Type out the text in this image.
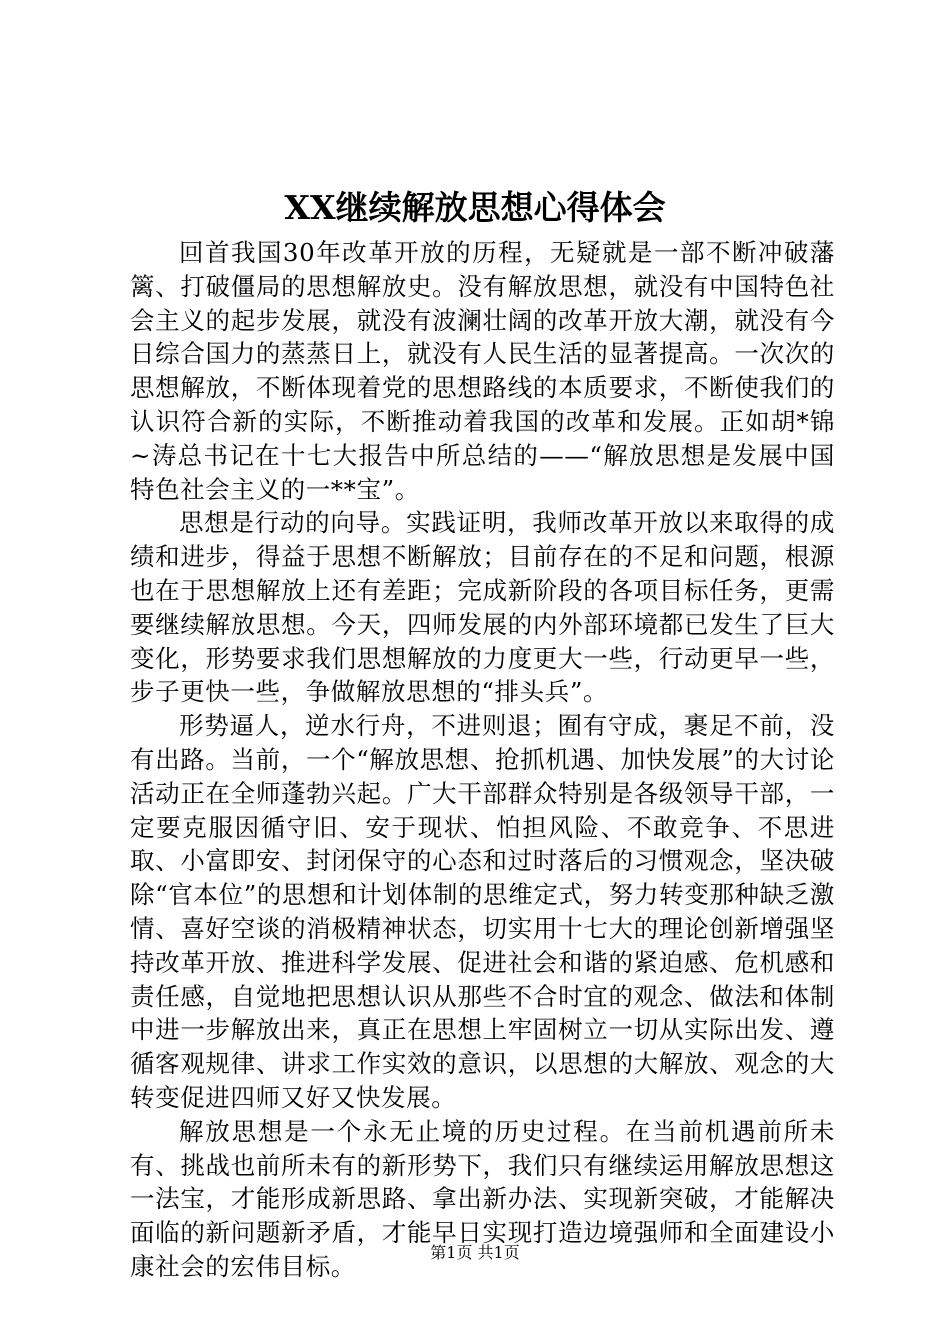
XX继续解放思想心得体会

回首我国30年改革开放的历程，无疑就是一部不断冲破藩篱、打破僵局的思想解放史。没有解放思想，就没有中国特色社会主义的起步发展，就没有波澜壮阔的改革开放大潮，就没有今日综合国力的蒸蒸日上，就没有人民生活的显著提高。一次次的思想解放，不断体现着党的思想路线的本质要求，不断使我们的认识符合新的实际，不断推动着我国的改革和发展。正如胡*锦~涛总书记在十七大报告中所总结的——“解放思想是发展中国特色社会主义的一**宝”。

思想是行动的向导。实践证明，我师改革开放以来取得的成绩和进步，得益于思想不断解放；目前存在的不足和问题，根源也在于思想解放上还有差距；完成新阶段的各项目标任务，更需要继续解放思想。今天，四师发展的内外部环境都已发生了巨大变化，形势要求我们思想解放的力度更大一些，行动更早一些，步子更快一些，争做解放思想的“排头兵”。

形势逼人，逆水行舟，不进则退；囿有守成，裹足不前，没有出路。当前，一个“解放思想、抢抓机遇、加快发展”的大讨论活动正在全师蓬勃兴起。广大干部群众特别是各级领导干部，一定要克服因循守旧、安于现状、怕担风险、不敢竞争、不思进取、小富即安、封闭保守的心态和过时落后的习惯观念，坚决破除“官本位”的思想和计划体制的思维定式，努力转变那种缺乏激情、喜好空谈的消极精神状态，切实用十七大的理论创新增强坚持改革开放、推进科学发展、促进社会和谐的紧迫感、危机感和责任感，自觉地把思想认识从那些不合时宜的观念、做法和体制中进一步解放出来，真正在思想上牢固树立一切从实际出发、遵循客观规律、讲求工作实效的意识，以思想的大解放、观念的大转变促进四师又好又快发展。

解放思想是一个永无止境的历史过程。在当前机遇前所未有、挑战也前所未有的新形势下，我们只有继续运用解放思想这一法宝，才能形成新思路、拿出新办法、实现新突破，才能解决面临的新问题新矛盾，才能早日实现打造边境强师和全面建设小康社会的宏伟目标。	第1页 共1页
